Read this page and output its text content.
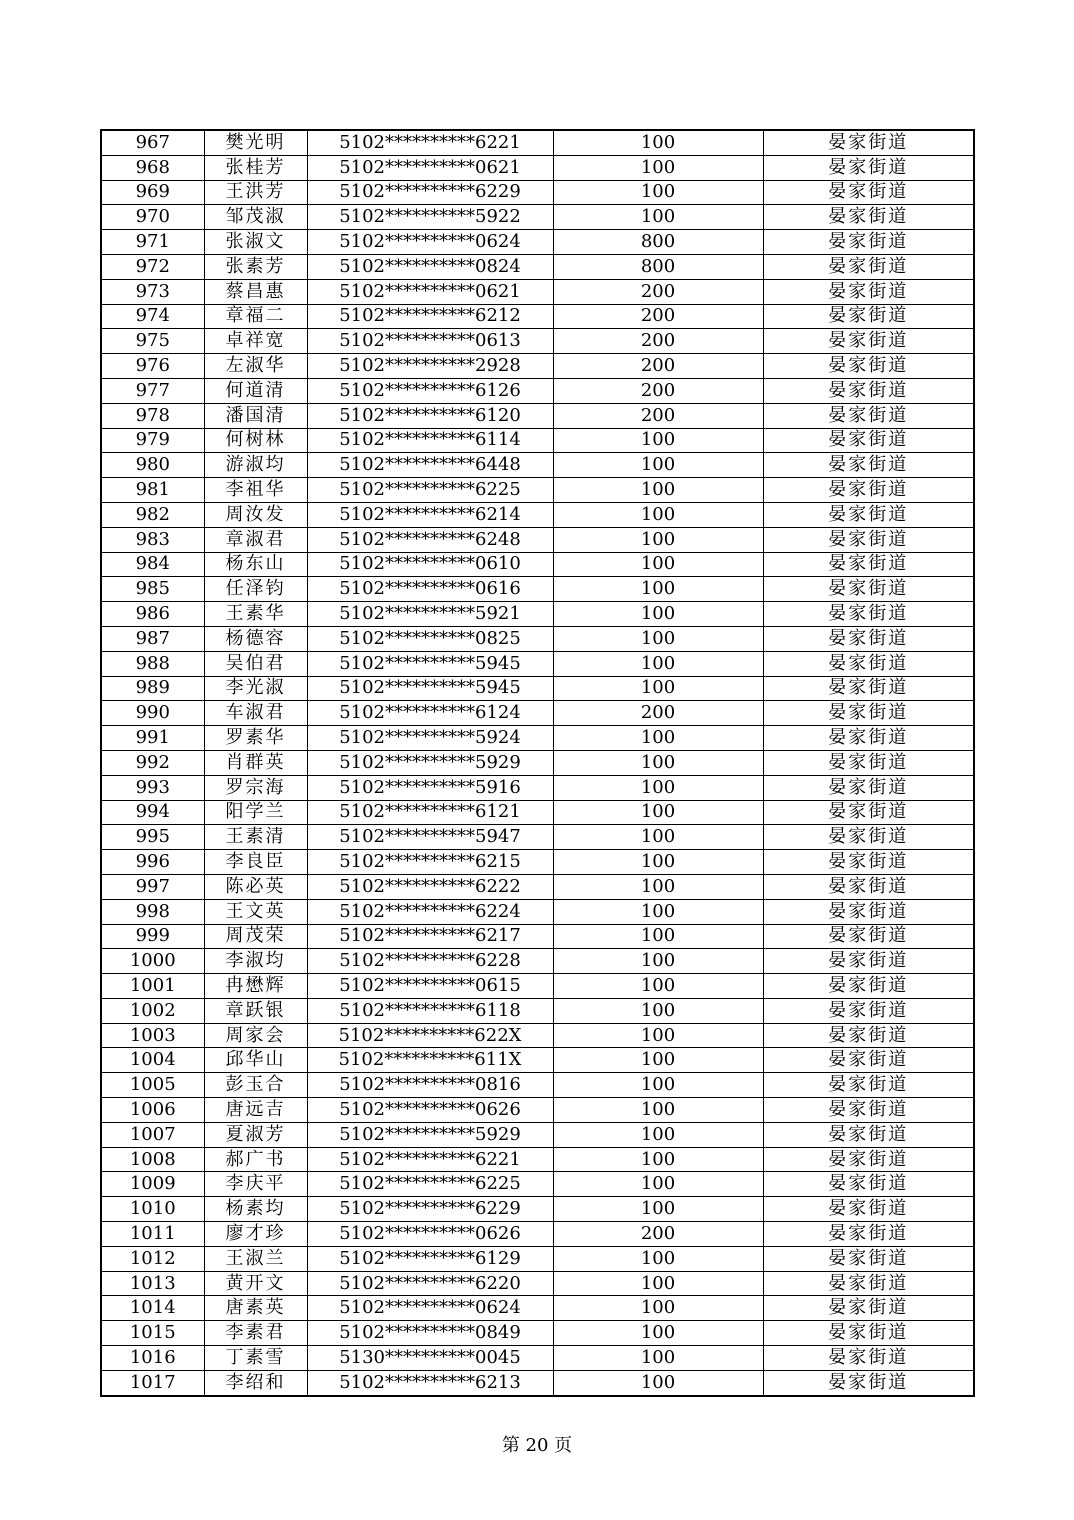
967	樊光明	5102**********6221	100	晏家街道
968	张桂芳	5102**********0621	100	晏家街道
969	王洪芳	5102**********6229	100	晏家街道
970	邹茂淑	5102**********5922	100	晏家街道
971	张淑文	5102**********0624	800	晏家街道
972	张素芳	5102**********0824	800	晏家街道
973	蔡昌惠	5102**********0621	200	晏家街道
974	章福二	5102**********6212	200	晏家街道
975	卓祥宽	5102**********0613	200	晏家街道
976	左淑华	5102**********2928	200	晏家街道
977	何道清	5102**********6126	200	晏家街道
978	潘国清	5102**********6120	200	晏家街道
979	何树林	5102**********6114	100	晏家街道
980	游淑均	5102**********6448	100	晏家街道
981	李祖华	5102**********6225	100	晏家街道
982	周汝发	5102**********6214	100	晏家街道
983	章淑君	5102**********6248	100	晏家街道
984	杨东山	5102**********0610	100	晏家街道
985	任泽钧	5102**********0616	100	晏家街道
986	王素华	5102**********5921	100	晏家街道
987	杨德容	5102**********0825	100	晏家街道
988	吴伯君	5102**********5945	100	晏家街道
989	李光淑	5102**********5945	100	晏家街道
990	车淑君	5102**********6124	200	晏家街道
991	罗素华	5102**********5924	100	晏家街道
992	肖群英	5102**********5929	100	晏家街道
993	罗宗海	5102**********5916	100	晏家街道
994	阳学兰	5102**********6121	100	晏家街道
995	王素清	5102**********5947	100	晏家街道
996	李良臣	5102**********6215	100	晏家街道
997	陈必英	5102**********6222	100	晏家街道
998	王文英	5102**********6224	100	晏家街道
999	周茂荣	5102**********6217	100	晏家街道
1000	李淑均	5102**********6228	100	晏家街道
1001	冉懋辉	5102**********0615	100	晏家街道
1002	章跃银	5102**********6118	100	晏家街道
1003	周家会	5102**********622X	100	晏家街道
1004	邱华山	5102**********611X	100	晏家街道
1005	彭玉合	5102**********0816	100	晏家街道
1006	唐远吉	5102**********0626	100	晏家街道
1007	夏淑芳	5102**********5929	100	晏家街道
1008	郝广书	5102**********6221	100	晏家街道
1009	李庆平	5102**********6225	100	晏家街道
1010	杨素均	5102**********6229	100	晏家街道
1011	廖才珍	5102**********0626	200	晏家街道
1012	王淑兰	5102**********6129	100	晏家街道
1013	黄开文	5102**********6220	100	晏家街道
1014	唐素英	5102**********0624	100	晏家街道
1015	李素君	5102**********0849	100	晏家街道
1016	丁素雪	5130**********0045	100	晏家街道
1017	李绍和	5102**********6213	100	晏家街道
第 20 页
